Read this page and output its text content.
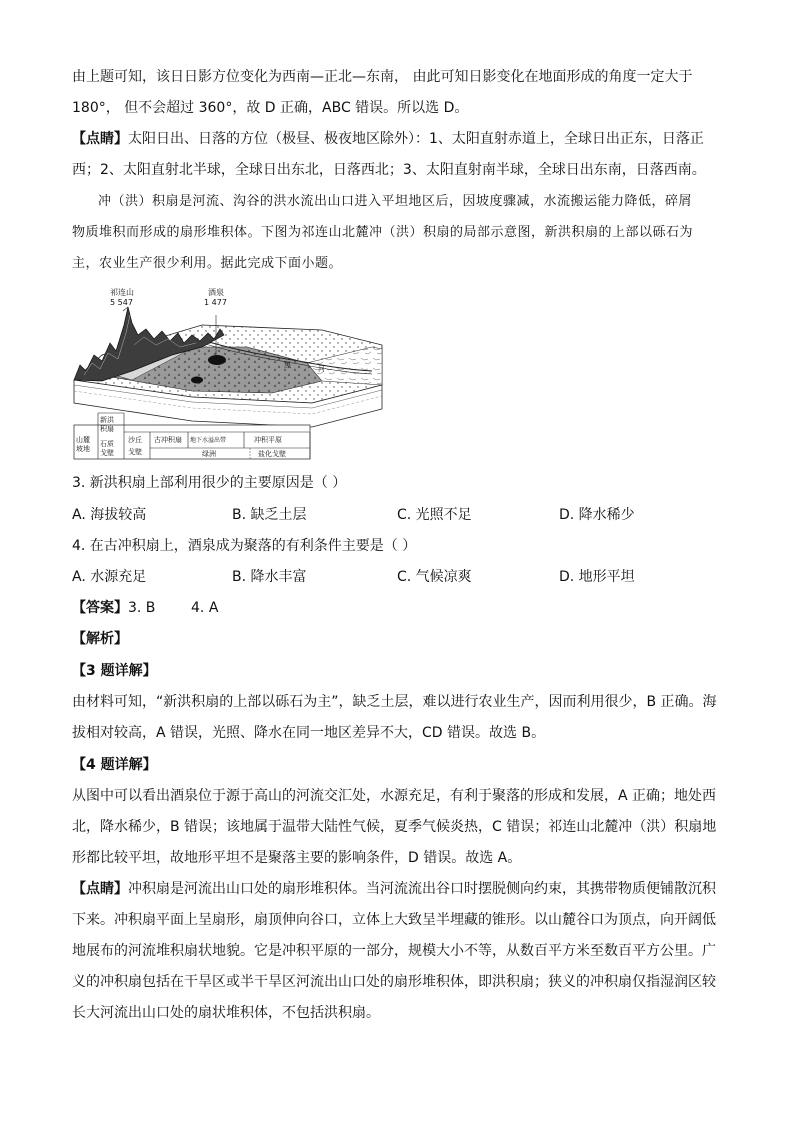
由上题可知，该日日影方位变化为西南—正北—东南， 由此可知日影变化在地面形成的角度一定大于
180°， 但不会超过 360°，故 D 正确，ABC 错误。所以选 D。
【点睛】太阳日出、日落的方位（极昼、极夜地区除外）：1、太阳直射赤道上，全球日出正东，日落正
西；2、太阳直射北半球，全球日出东北，日落西北；3、太阳直射南半球，全球日出东南，日落西南。
冲（洪）积扇是河流、沟谷的洪水流出山口进入平坦地区后，因坡度骤减，水流搬运能力降低，碎屑
物质堆积而形成的扇形堆积体。下图为祁连山北麓冲（洪）积扇的局部示意图，新洪积扇的上部以砾石为
主，农业生产很少利用。据此完成下面小题。
祁连山
5 547
酒泉
1 477
黑	河
山麓坡地
新洪积扇
石质戈壁
沙丘
戈壁
古冲积扇 地下水溢出带
绿洲
冲积平原
盐化戈壁
3. 新洪积扇上部利用很少的主要原因是（ ）
A. 海拔较高	B. 缺乏土层	C. 光照不足	D. 降水稀少
4. 在古冲积扇上，酒泉成为聚落的有利条件主要是（ ）
A. 水源充足	B. 降水丰富	C. 气候凉爽	D. 地形平坦
【答案】3. B        4. A
【解析】
【3 题详解】
由材料可知，“新洪积扇的上部以砾石为主”，缺乏土层，难以进行农业生产，因而利用很少，B 正确。海
拔相对较高，A 错误，光照、降水在同一地区差异不大，CD 错误。故选 B。
【4 题详解】
从图中可以看出酒泉位于源于高山的河流交汇处，水源充足，有利于聚落的形成和发展，A 正确；地处西
北，降水稀少，B 错误；该地属于温带大陆性气候，夏季气候炎热，C 错误；祁连山北麓冲（洪）积扇地
形都比较平坦，故地形平坦不是聚落主要的影响条件，D 错误。故选 A。
【点睛】冲积扇是河流出山口处的扇形堆积体。当河流流出谷口时摆脱侧向约束，其携带物质便铺散沉积
下来。冲积扇平面上呈扇形，扇顶伸向谷口，立体上大致呈半埋藏的锥形。以山麓谷口为顶点，向开阔低
地展布的河流堆积扇状地貌。它是冲积平原的一部分，规模大小不等，从数百平方米至数百平方公里。广
义的冲积扇包括在干旱区或半干旱区河流出山口处的扇形堆积体，即洪积扇；狭义的冲积扇仅指湿润区较
长大河流出山口处的扇状堆积体，不包括洪积扇。
